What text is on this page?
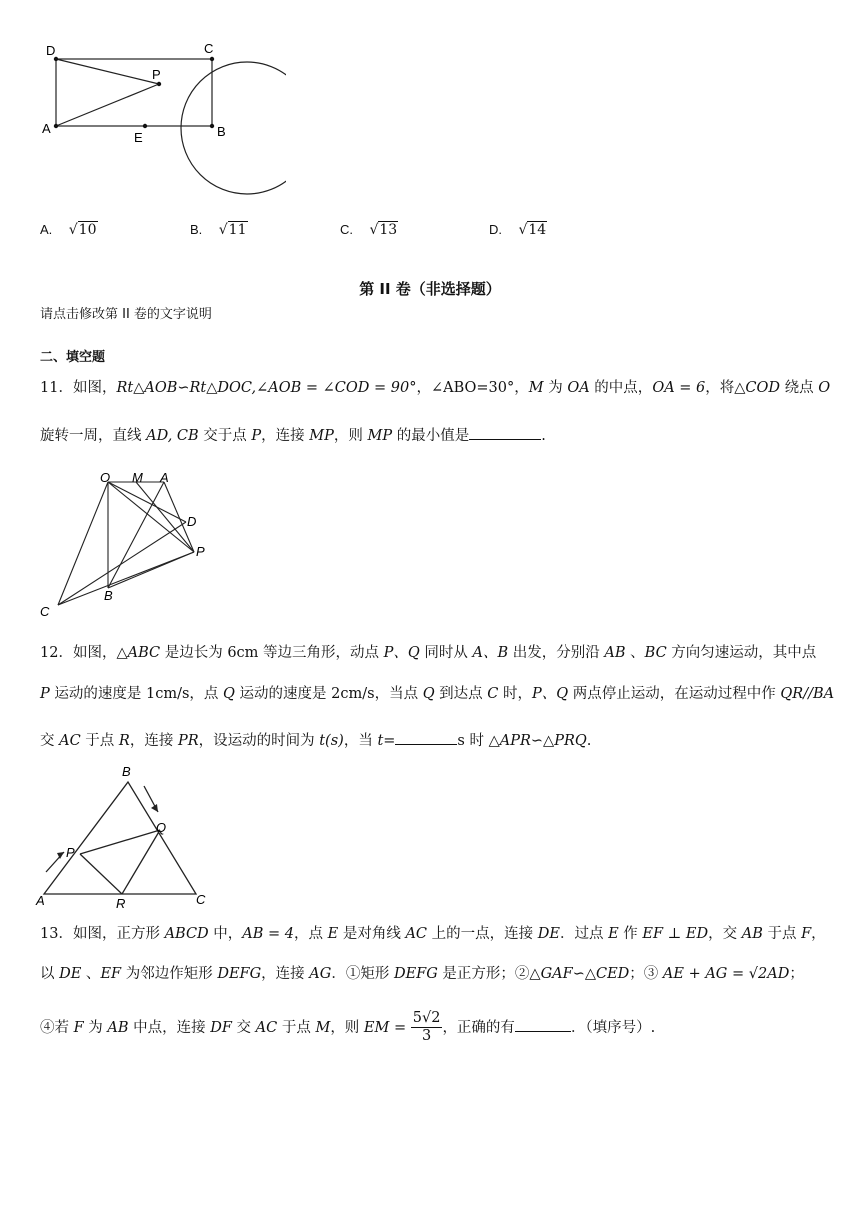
D	C
P
A
E	B
A. √10	B. √11	C. √13	D. √14
第 II 卷（非选择题）
请点击修改第 II 卷的文字说明
二、填空题
11．如图，Rt△AOB∽Rt△DOC,∠AOB = ∠COD = 90°，∠ABO=30°，M 为 OA 的中点，OA = 6，将△COD 绕点 O
旋转一周，直线 AD, CB 交于点 P，连接 MP，则 MP 的最小值是	.
O M A
D
P
C
B
12．如图，△ABC 是边长为 6cm 等边三角形，动点 P、Q 同时从 A、B 出发，分别沿 AB 、BC 方向匀速运动，其中点
P 运动的速度是 1cm/s，点 Q 运动的速度是 2cm/s，当点 Q 到达点 C 时，P、Q 两点停止运动，在运动过程中作 QR//BA
交 AC 于点 R，连接 PR，设运动的时间为 t(s)，当 t=	s 时 △APR∽△PRQ.
B
Q
P
A	R	C
13．如图，正方形 ABCD 中，AB = 4，点 E 是对角线 AC 上的一点，连接 DE．过点 E 作 EF ⊥ ED，交 AB 于点 F，
以 DE 、EF 为邻边作矩形 DEFG，连接 AG．①矩形 DEFG 是正方形；②△GAF∽△CED；③ AE + AG = √2AD；
④若 F 为 AB 中点，连接 DF 交 AC 于点 M，则 EM = $\frac{5√2}{3}$ ，正确的有	．（填序号）.
